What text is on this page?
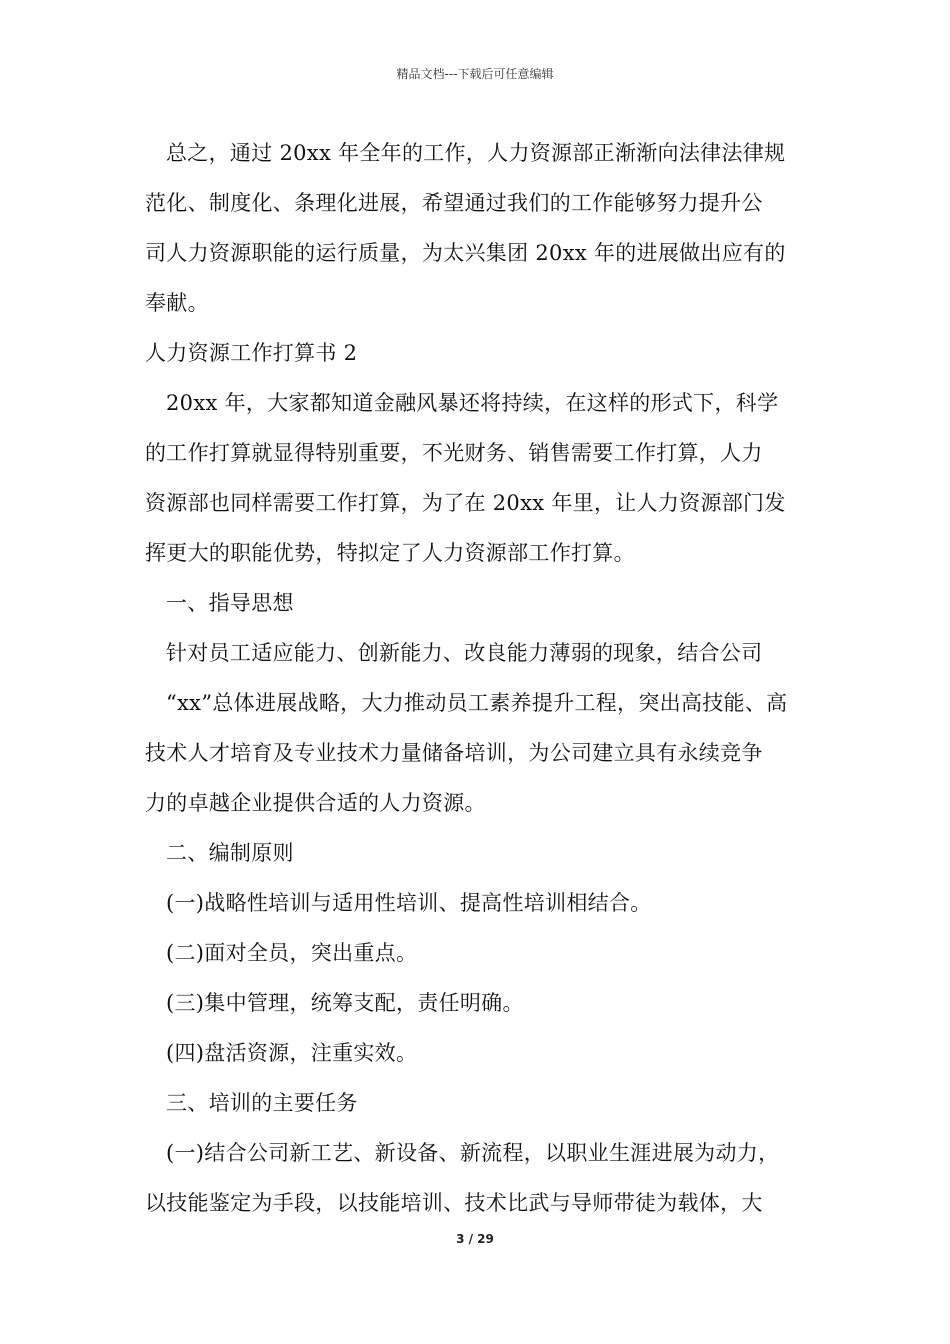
精品文档---下载后可任意编辑
总之，通过 20xx 年全年的工作，人力资源部正渐渐向法律法律规
范化、制度化、条理化进展，希望通过我们的工作能够努力提升公
司人力资源职能的运行质量，为太兴集团 20xx 年的进展做出应有的
奉献。
人力资源工作打算书 2
20xx 年，大家都知道金融风暴还将持续，在这样的形式下，科学
的工作打算就显得特别重要，不光财务、销售需要工作打算，人力
资源部也同样需要工作打算，为了在 20xx 年里，让人力资源部门发
挥更大的职能优势，特拟定了人力资源部工作打算。
一、指导思想
针对员工适应能力、创新能力、改良能力薄弱的现象，结合公司
“xx”总体进展战略，大力推动员工素养提升工程，突出高技能、高
技术人才培育及专业技术力量储备培训，为公司建立具有永续竞争
力的卓越企业提供合适的人力资源。
二、编制原则
(一)战略性培训与适用性培训、提高性培训相结合。
(二)面对全员，突出重点。
(三)集中管理，统筹支配，责任明确。
(四)盘活资源，注重实效。
三、培训的主要任务
(一)结合公司新工艺、新设备、新流程，以职业生涯进展为动力，
以技能鉴定为手段，以技能培训、技术比武与导师带徒为载体，大
3 / 29
